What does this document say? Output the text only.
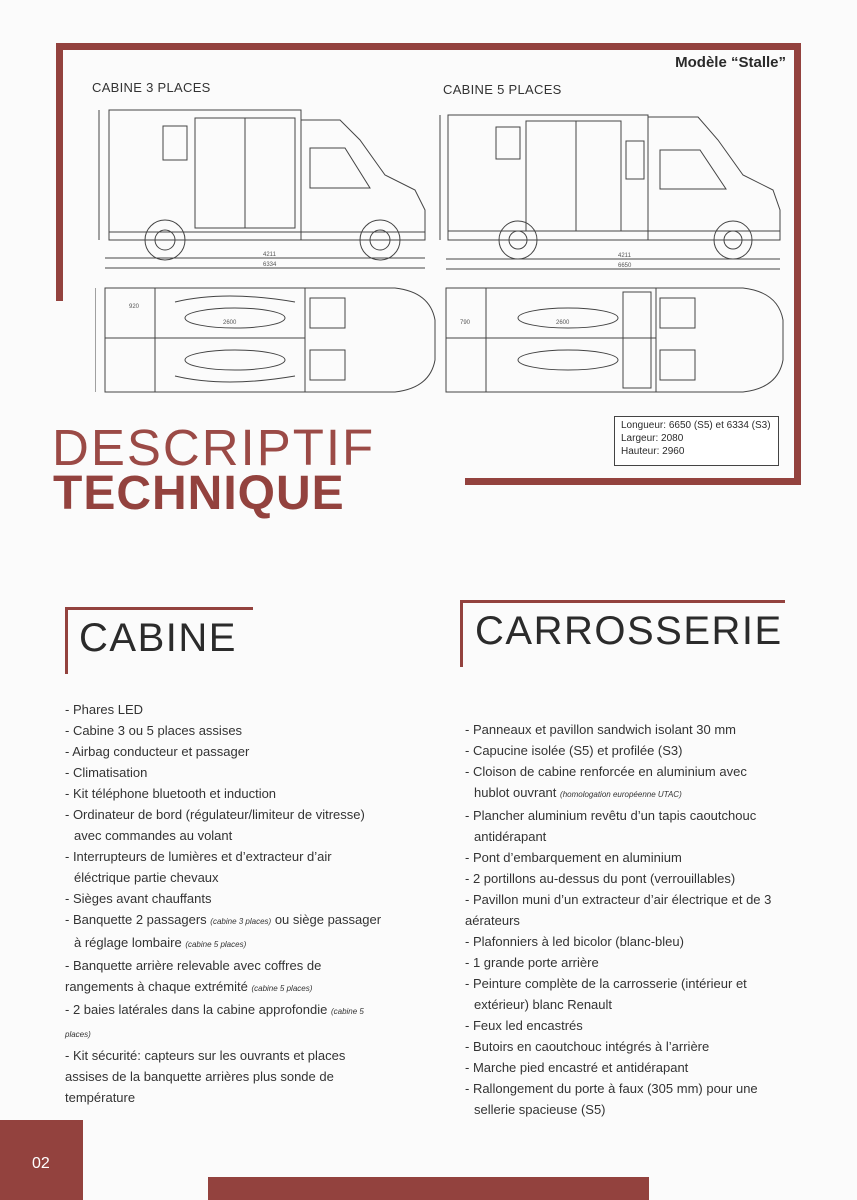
Modèle “Stalle”
CABINE 3 PLACES	CABINE 5 PLACES
4211
6334
4211
6650
2600
920
2600
790
Longueur: 6650 (S5) et 6334 (S3)
Largeur: 2080
Hauteur: 2960
DESCRIPTIF
TECHNIQUE
CABINE	CARROSSERIE
- Phares LED
- Cabine 3 ou 5 places assises
- Airbag conducteur et passager
- Climatisation
- Kit téléphone bluetooth et induction
- Ordinateur de bord (régulateur/limiteur de vitresse)
avec commandes au volant
- Interrupteurs de lumières et d’extracteur d’air
éléctrique partie chevaux
- Sièges avant chauffants
- Banquette 2 passagers (cabine 3 places) ou siège passager
à réglage lombaire (cabine 5 places)
- Banquette arrière relevable avec coffres de
rangements à chaque extrémité (cabine 5 places)
- 2 baies latérales dans la cabine approfondie (cabine 5
places)
- Kit sécurité: capteurs sur les ouvrants et places
assises de la banquette arrières plus sonde de
température
- Panneaux et pavillon sandwich isolant 30 mm
- Capucine isolée (S5) et profilée (S3)
- Cloison de cabine renforcée en aluminium avec
hublot ouvrant (homologation européenne UTAC)
- Plancher aluminium revêtu d’un tapis caoutchouc
antidérapant
- Pont d’embarquement en aluminium
- 2 portillons au-dessus du pont (verrouillables)
- Pavillon muni d’un extracteur d’air électrique et de 3
aérateurs
- Plafonniers à led bicolor (blanc-bleu)
- 1 grande porte arrière
- Peinture complète de la carrosserie (intérieur et
extérieur) blanc Renault
- Feux led encastrés
- Butoirs en caoutchouc intégrés à l’arrière
- Marche pied encastré et antidérapant
- Rallongement du porte à faux (305 mm) pour une
sellerie spacieuse (S5)
02
